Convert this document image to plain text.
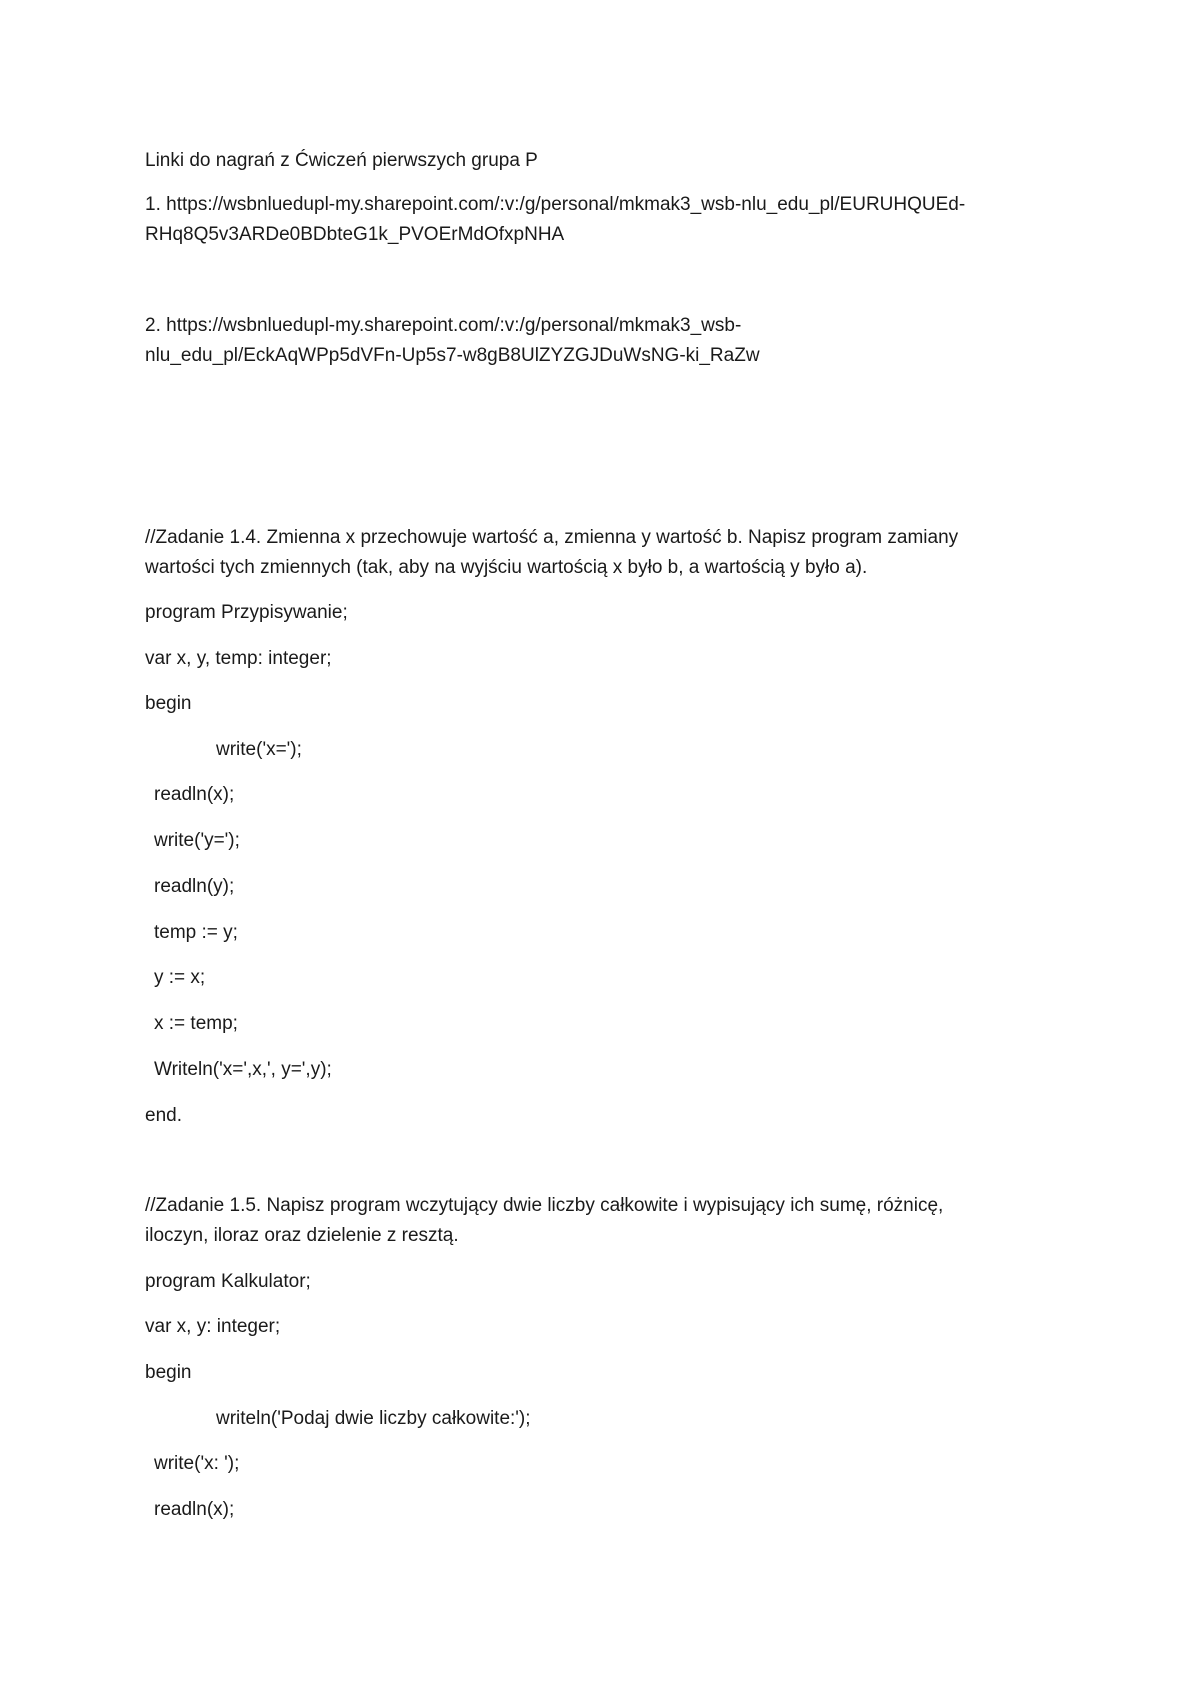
Linki do nagrań z Ćwiczeń pierwszych grupa P
1. https://wsbnluedupl-my.sharepoint.com/:v:/g/personal/mkmak3_wsb-nlu_edu_pl/EURUHQUEd-
RHq8Q5v3ARDe0BDbteG1k_PVOErMdOfxpNHA
2. https://wsbnluedupl-my.sharepoint.com/:v:/g/personal/mkmak3_wsb-
nlu_edu_pl/EckAqWPp5dVFn-Up5s7-w8gB8UlZYZGJDuWsNG-ki_RaZw
//Zadanie 1.4. Zmienna x przechowuje wartość a, zmienna y wartość b. Napisz program zamiany
wartości tych zmiennych (tak, aby na wyjściu wartością x było b, a wartością y było a).
program Przypisywanie;
var x, y, temp: integer;
begin
write('x=');
readln(x);
write('y=');
readln(y);
temp := y;
y := x;
x := temp;
Writeln('x=',x,', y=',y);
end.
//Zadanie 1.5. Napisz program wczytujący dwie liczby całkowite i wypisujący ich sumę, różnicę,
iloczyn, iloraz oraz dzielenie z resztą.
program Kalkulator;
var x, y: integer;
begin
writeln('Podaj dwie liczby całkowite:');
write('x: ');
readln(x);
